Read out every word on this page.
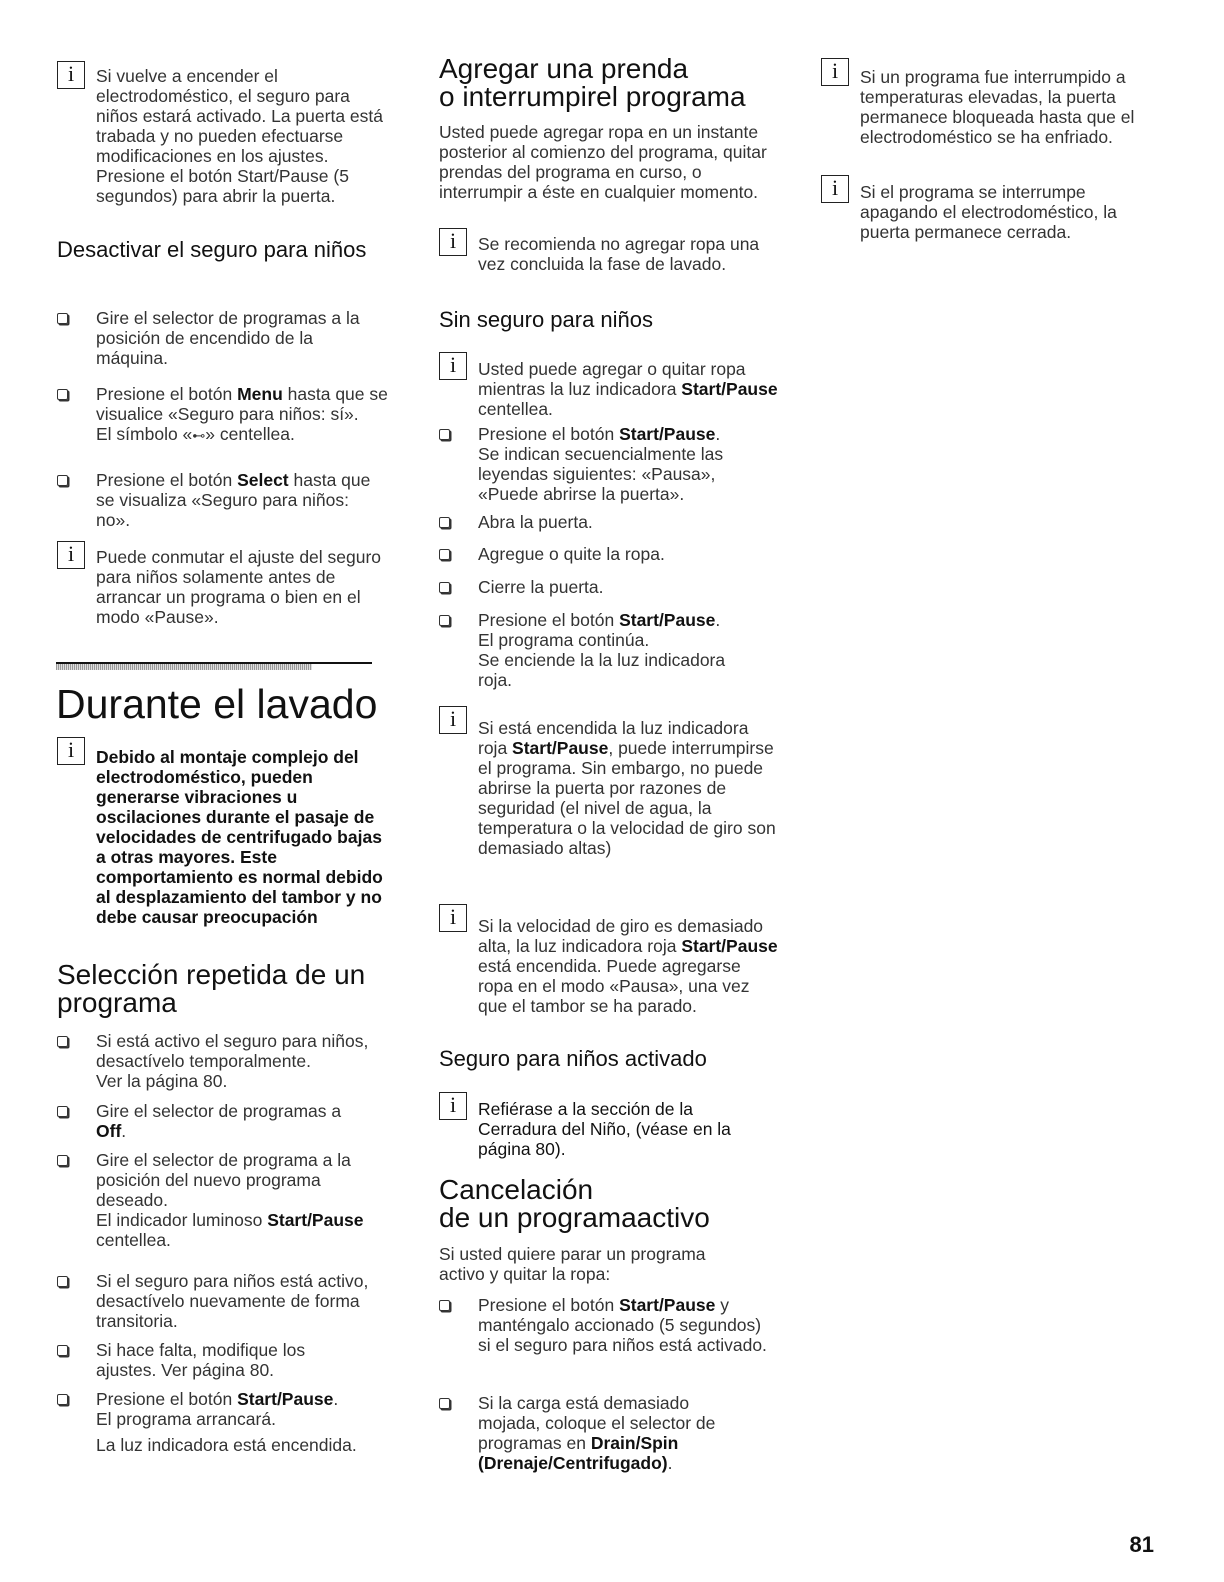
i	Si vuelve a encender el electrodoméstico, el seguro para niños estará activado. La puerta está trabada y no pueden efectuarse modificaciones en los ajustes.
Presione el botón Start/Pause (5 segundos) para abrir la puerta.
Desactivar el seguro para niños
Gire el selector de programas a la posición de encendido de la máquina.
Presione el botón Menu hasta que se visualice «Seguro para niños: sí».
El símbolo «⊷» centellea.
Presione el botón Select hasta que se visualiza «Seguro para niños: no».
i	Puede conmutar el ajuste del seguro para niños solamente antes de arrancar un programa o bien en el modo «Pause».
Durante el lavado
i	Debido al montaje complejo del electrodoméstico, pueden generarse vibraciones u oscilaciones durante el pasaje de velocidades de centrifugado bajas a otras mayores. Este comportamiento es normal debido al desplazamiento del tambor y no debe causar preocupación
Selección repetida de un programa
Si está activo el seguro para niños, desactívelo temporalmente.
Ver la página 80.
Gire el selector de programas a Off.
Gire el selector de programa a la posición del nuevo programa deseado.
El indicador luminoso Start/Pause centellea.
Si el seguro para niños está activo, desactívelo nuevamente de forma transitoria.
Si hace falta, modifique los ajustes. Ver página 80.
Presione el botón Start/Pause.
El programa arrancará.
La luz indicadora está encendida.
Agregar una prenda
o interrumpirel programa
Usted puede agregar ropa en un instante posterior al comienzo del programa, quitar prendas del programa en curso, o interrumpir a éste en cualquier momento.
i	Se recomienda no agregar ropa una vez concluida la fase de lavado.
Sin seguro para niños
i	Usted puede agregar o quitar ropa mientras la luz indicadora Start/Pause centellea.
Presione el botón Start/Pause.
Se indican secuencialmente las leyendas siguientes: «Pausa», «Puede abrirse la puerta».
Abra la puerta.
Agregue o quite la ropa.
Cierre la puerta.
Presione el botón Start/Pause.
El programa continúa.
Se enciende la la luz indicadora roja.
i	Si está encendida la luz indicadora roja Start/Pause, puede interrumpirse el programa. Sin embargo, no puede abrirse la puerta por razones de seguridad (el nivel de agua, la temperatura o la velocidad de giro son demasiado altas)
i	Si la velocidad de giro es demasiado alta, la luz indicadora roja Start/Pause está encendida. Puede agregarse ropa en el modo «Pausa», una vez que el tambor se ha parado.
Seguro para niños activado
i	Refiérase a la sección de la Cerradura del Niño, (véase en la página 80).
Cancelación
de un programaactivo
Si usted quiere parar un programa activo y quitar la ropa:
Presione el botón Start/Pause y manténgalo accionado (5 segundos) si el seguro para niños está activado.
Si la carga está demasiado mojada, coloque el selector de programas en Drain/Spin (Drenaje/Centrifugado).
i	Si un programa fue interrumpido a temperaturas elevadas, la puerta permanece bloqueada hasta que el electrodoméstico se ha enfriado.
i	Si el programa se interrumpe apagando el electrodoméstico, la puerta permanece cerrada.
81
